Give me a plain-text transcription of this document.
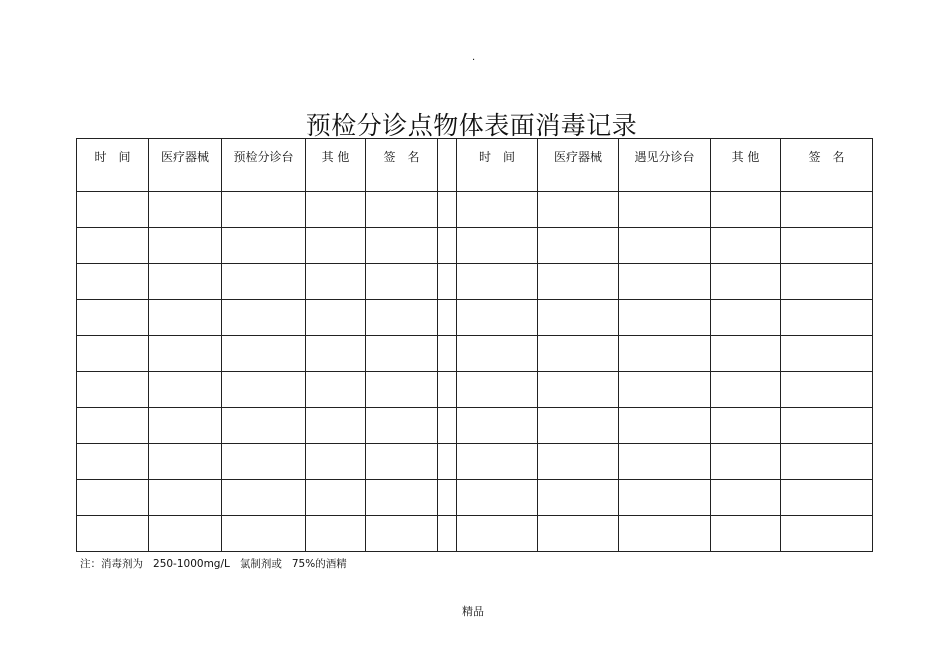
.
预检分诊点物体表面消毒记录
时　间	医疗器械	预检分诊台	其 他	签　名		时　间	医疗器械	遇见分诊台	其 他	签　名

注：消毒剂为   250-1000mg/L   氯制剂或   75%的酒精
精品
